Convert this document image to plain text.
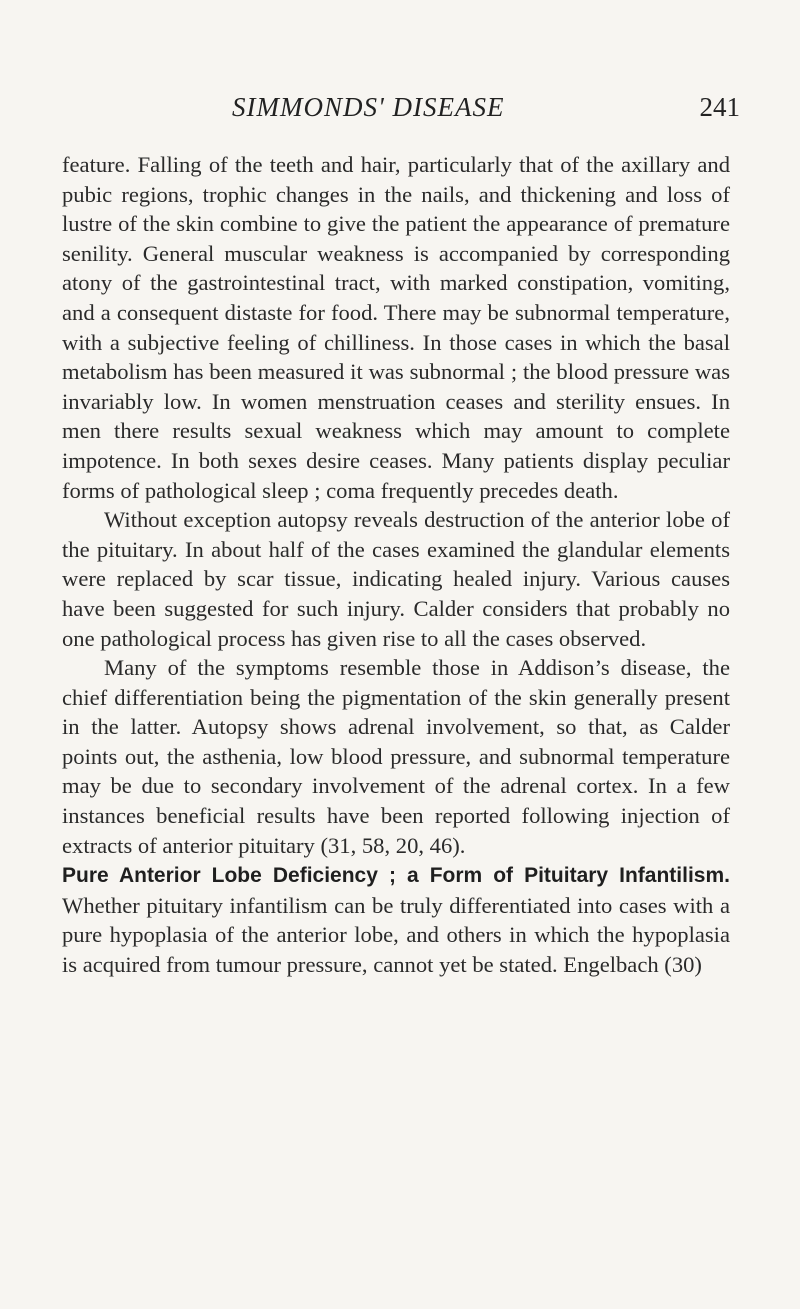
SIMMONDS' DISEASE	241

feature. Falling of the teeth and hair, particularly that of the axillary and pubic regions, trophic changes in the nails, and thickening and loss of lustre of the skin combine to give the patient the appearance of premature senility. General muscular weakness is accompanied by corresponding atony of the gastrointestinal tract, with marked constipation, vomiting, and a consequent distaste for food. There may be subnormal temperature, with a subjective feeling of chilliness. In those cases in which the basal metabolism has been measured it was subnormal ; the blood pressure was invariably low. In women menstruation ceases and sterility ensues. In men there results sexual weakness which may amount to complete impotence. In both sexes desire ceases. Many patients display peculiar forms of pathological sleep ; coma frequently precedes death.

Without exception autopsy reveals destruction of the anterior lobe of the pituitary. In about half of the cases examined the glandular elements were replaced by scar tissue, indicating healed injury. Various causes have been suggested for such injury. Calder considers that probably no one pathological process has given rise to all the cases observed.

Many of the symptoms resemble those in Addison’s disease, the chief differentiation being the pigmentation of the skin generally present in the latter. Autopsy shows adrenal involvement, so that, as Calder points out, the asthenia, low blood pressure, and subnormal temperature may be due to secondary involvement of the adrenal cortex. In a few instances beneficial results have been reported following injection of extracts of anterior pituitary (31, 58, 20, 46).

Pure Anterior Lobe Deficiency ; a Form of Pituitary Infantilism. Whether pituitary infantilism can be truly differentiated into cases with a pure hypoplasia of the anterior lobe, and others in which the hypoplasia is acquired from tumour pressure, cannot yet be stated. Engelbach (30)
